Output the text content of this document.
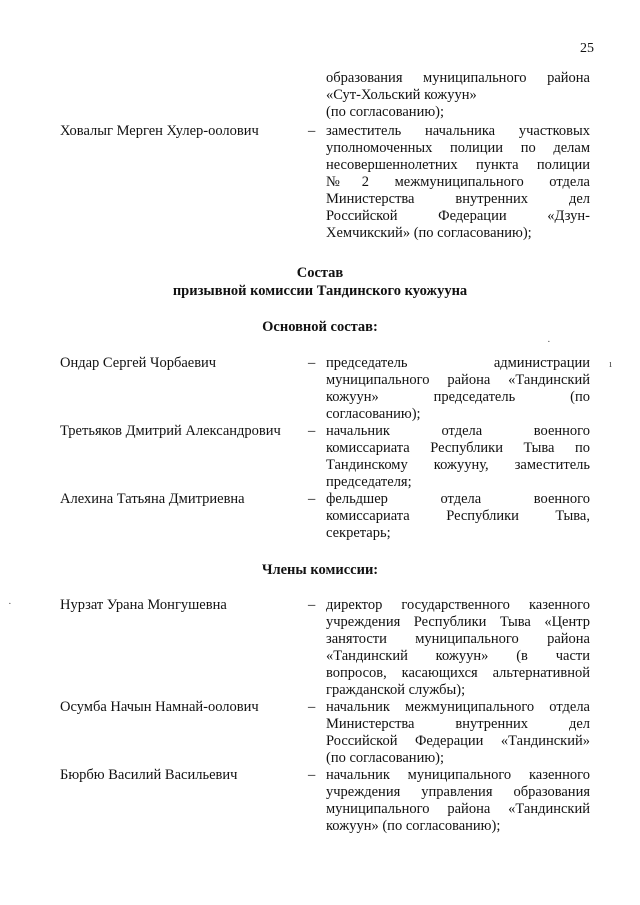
25
образования муниципального района
«Сут-Хольский кожуун»
(по согласованию);
Ховалыг Мерген Хулер-оолович	– заместитель начальника участковых
уполномоченных полиции по делам
несовершеннолетних пункта полиции
№2 межмуниципального отдела
Министерства внутренних дел
Российской Федерации «Дзун-
Хемчикский» (по согласованию);
Состав
призывной комиссии Тандинского куожууна
Основной состав:
·
Ондар Сергей Чорбаевич	– председатель администрации
муниципального района «Тандинский
кожуун» председатель (по
согласованию);
ı
Третьяков Дмитрий Александрович – начальник отдела военного
комиссариата Республики Тыва по
Тандинскому кожууну, заместитель
председателя;
Алехина Татьяна Дмитриевна	– фельдшер отдела военного
комиссариата Республики Тыва,
секретарь;
Члены комиссии:
·	Нурзат Урана Монгушевна	– директор государственного казенного
учреждения Республики Тыва «Центр
занятости муниципального района
«Тандинский кожуун» (в части
вопросов, касающихся альтернативной
гражданской службы);
Осумба Начын Намнай-оолович	– начальник межмуниципального отдела
Министерства внутренних дел
Российской Федерации «Тандинский»
(по согласованию);
Бюрбю Василий Васильевич	– начальник муниципального казенного
учреждения управления образования
муниципального района «Тандинский
кожуун» (по согласованию);
